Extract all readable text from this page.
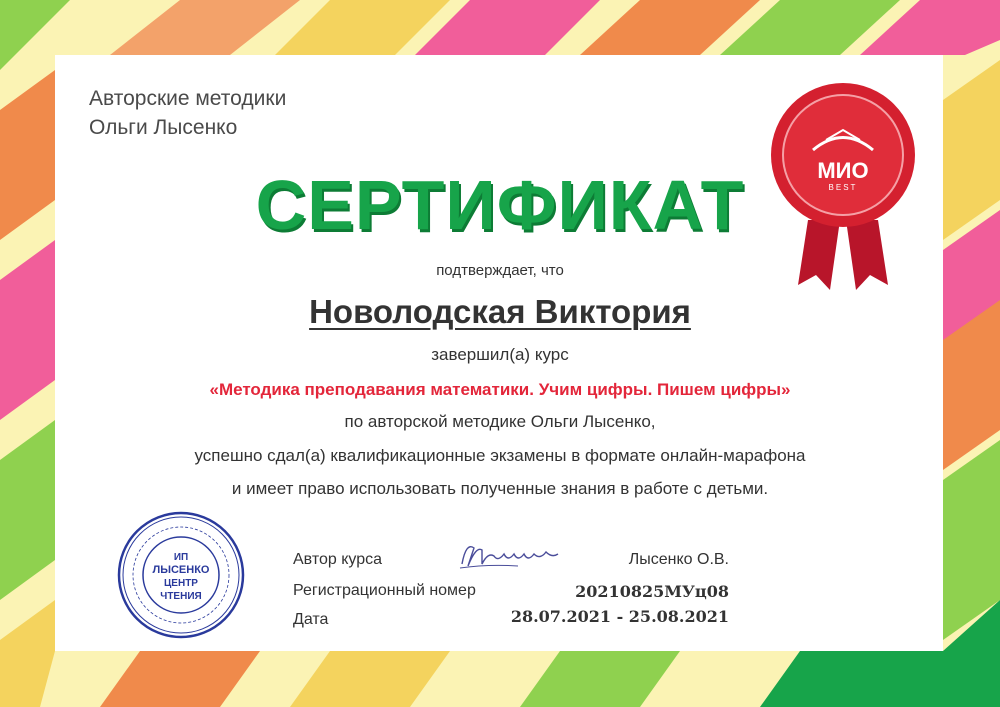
Авторские методики
Ольги Лысенко
МИО
BEST
СЕРТИФИКАТ
подтверждает, что
Новолодская Виктория
завершил(а) курс
«Методика преподавания математики. Учим цифры. Пишем цифры»
по авторской методике Ольги Лысенко,
успешно сдал(а) квалификационные экзамены в формате онлайн-марафона
и имеет право использовать полученные знания в работе с детьми.
ИП
ЛЫСЕНКО
ЦЕНТР
ЧТЕНИЯ
Автор курса	Лысенко О.В.
Регистрационный номер	20210825МУц08
Дата	28.07.2021 - 25.08.2021
